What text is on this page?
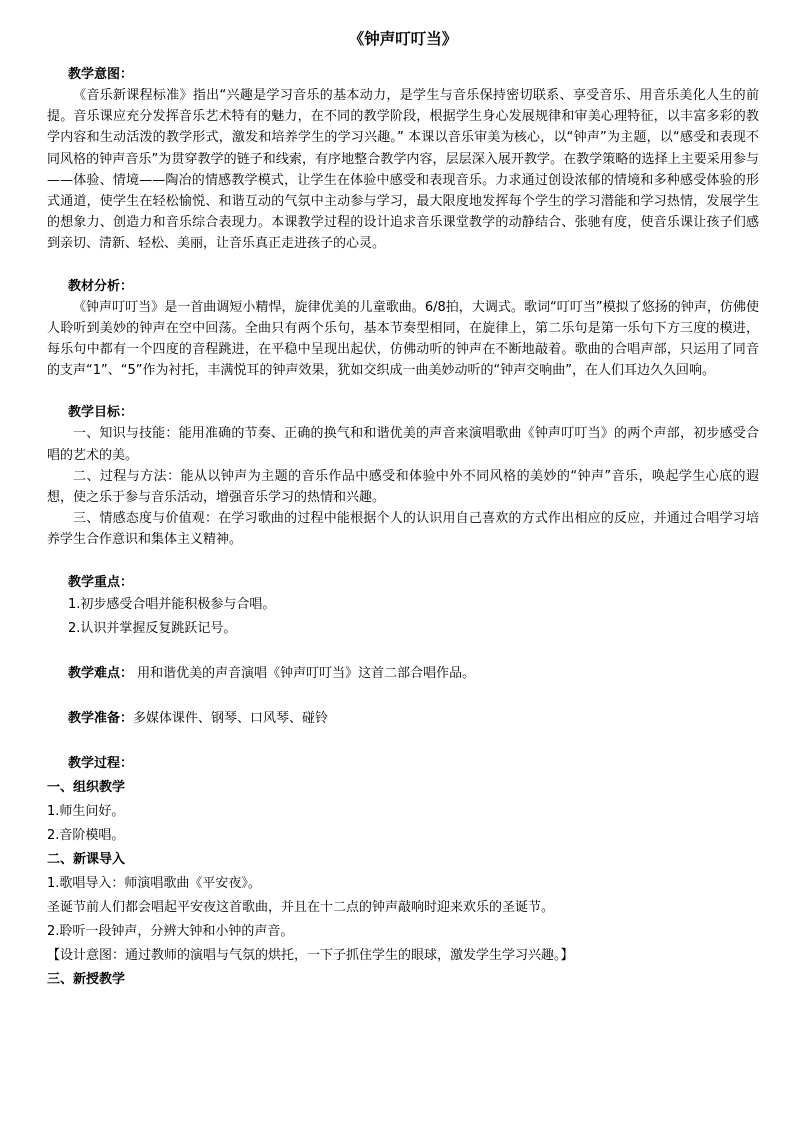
《钟声叮叮当》
教学意图：

《音乐新课程标准》指出“兴趣是学习音乐的基本动力，是学生与音乐保持密切联系、享受音乐、用音乐美化人生的前提。音乐课应充分发挥音乐艺术特有的魅力，在不同的教学阶段，根据学生身心发展规律和审美心理特征，以丰富多彩的教学内容和生动活泼的教学形式，激发和培养学生的学习兴趣。” 本课以音乐审美为核心，以“钟声”为主题，以“感受和表现不同风格的钟声音乐”为贯穿教学的链子和线索，有序地整合教学内容，层层深入展开教学。在教学策略的选择上主要采用参与——体验、情境——陶冶的情感教学模式，让学生在体验中感受和表现音乐。力求通过创设浓郁的情境和多种感受体验的形式通道，使学生在轻松愉悦、和谐互动的气氛中主动参与学习，最大限度地发挥每个学生的学习潜能和学习热情，发展学生的想象力、创造力和音乐综合表现力。本课教学过程的设计追求音乐课堂教学的动静结合、张驰有度，使音乐课让孩子们感到亲切、清新、轻松、美丽，让音乐真正走进孩子的心灵。

教材分析：

《钟声叮叮当》是一首曲调短小精悍，旋律优美的儿童歌曲。6/8拍，大调式。歌词“叮叮当”模拟了悠扬的钟声，仿佛使人聆听到美妙的钟声在空中回荡。全曲只有两个乐句，基本节奏型相同，在旋律上，第二乐句是第一乐句下方三度的模进，每乐句中都有一个四度的音程跳进，在平稳中呈现出起伏，仿佛动听的钟声在不断地敲着。歌曲的合唱声部，只运用了同音的支声“1”、“5”作为衬托，丰满悦耳的钟声效果，犹如交织成一曲美妙动听的“钟声交响曲”，在人们耳边久久回响。

教学目标：

一、知识与技能：能用准确的节奏、正确的换气和和谐优美的声音来演唱歌曲《钟声叮叮当》的两个声部，初步感受合唱的艺术的美。

二、过程与方法：能从以钟声为主题的音乐作品中感受和体验中外不同风格的美妙的“钟声”音乐，唤起学生心底的遐想，使之乐于参与音乐活动，增强音乐学习的热情和兴趣。

三、情感态度与价值观：在学习歌曲的过程中能根据个人的认识用自己喜欢的方式作出相应的反应，并通过合唱学习培养学生合作意识和集体主义精神。

教学重点：
1.初步感受合唱并能积极参与合唱。
2.认识并掌握反复跳跃记号。
教学难点： 用和谐优美的声音演唱《钟声叮叮当》这首二部合唱作品。
教学准备：多媒体课件、钢琴、口风琴、碰铃
教学过程：
一、组织教学
1.师生问好。
2.音阶模唱。
二、新课导入
1.歌唱导入：师演唱歌曲《平安夜》。
圣诞节前人们都会唱起平安夜这首歌曲，并且在十二点的钟声敲响时迎来欢乐的圣诞节。
2.聆听一段钟声，分辨大钟和小钟的声音。
【设计意图：通过教师的演唱与气氛的烘托，一下子抓住学生的眼球，激发学生学习兴趣。】
三、新授教学
